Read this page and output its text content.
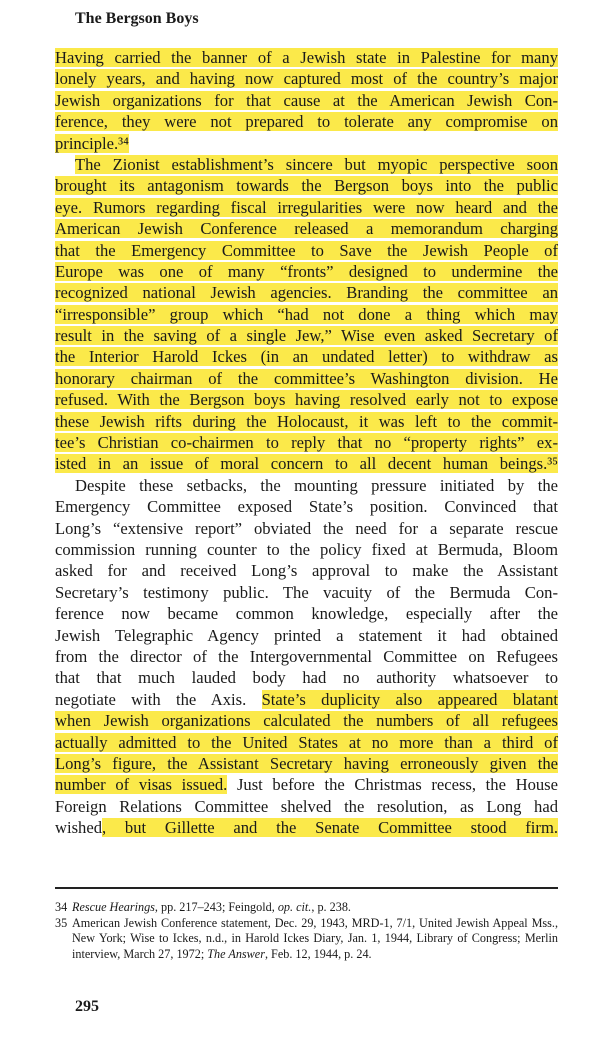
The Bergson Boys
Having carried the banner of a Jewish state in Palestine for many
lonely years, and having now captured most of the country’s major
Jewish organizations for that cause at the American Jewish Con-
ference, they were not prepared to tolerate any compromise on
principle.³⁴
The Zionist establishment’s sincere but myopic perspective soon
brought its antagonism towards the Bergson boys into the public
eye. Rumors regarding fiscal irregularities were now heard and the
American Jewish Conference released a memorandum charging
that the Emergency Committee to Save the Jewish People of
Europe was one of many “fronts” designed to undermine the
recognized national Jewish agencies. Branding the committee an
“irresponsible” group which “had not done a thing which may
result in the saving of a single Jew,” Wise even asked Secretary of
the Interior Harold Ickes (in an undated letter) to withdraw as
honorary chairman of the committee’s Washington division. He
refused. With the Bergson boys having resolved early not to expose
these Jewish rifts during the Holocaust, it was left to the commit-
tee’s Christian co-chairmen to reply that no “property rights” ex-
isted in an issue of moral concern to all decent human beings.³⁵
Despite these setbacks, the mounting pressure initiated by the
Emergency Committee exposed State’s position. Convinced that
Long’s “extensive report” obviated the need for a separate rescue
commission running counter to the policy fixed at Bermuda, Bloom
asked for and received Long’s approval to make the Assistant
Secretary’s testimony public. The vacuity of the Bermuda Con-
ference now became common knowledge, especially after the
Jewish Telegraphic Agency printed a statement it had obtained
from the director of the Intergovernmental Committee on Refugees
that that much lauded body had no authority whatsoever to
negotiate with the Axis. State’s duplicity also appeared blatant
when Jewish organizations calculated the numbers of all refugees
actually admitted to the United States at no more than a third of
Long’s figure, the Assistant Secretary having erroneously given the
number of visas issued. Just before the Christmas recess, the House
Foreign Relations Committee shelved the resolution, as Long had
wished, but Gillette and the Senate Committee stood firm.
34 Rescue Hearings, pp. 217–243; Feingold, op. cit., p. 238.
35 American Jewish Conference statement, Dec. 29, 1943, MRD-1, 7/1, United Jewish Appeal Mss., New York; Wise to Ickes, n.d., in Harold Ickes Diary, Jan. 1, 1944, Library of Congress; Merlin interview, March 27, 1972; The Answer, Feb. 12, 1944, p. 24.
295
